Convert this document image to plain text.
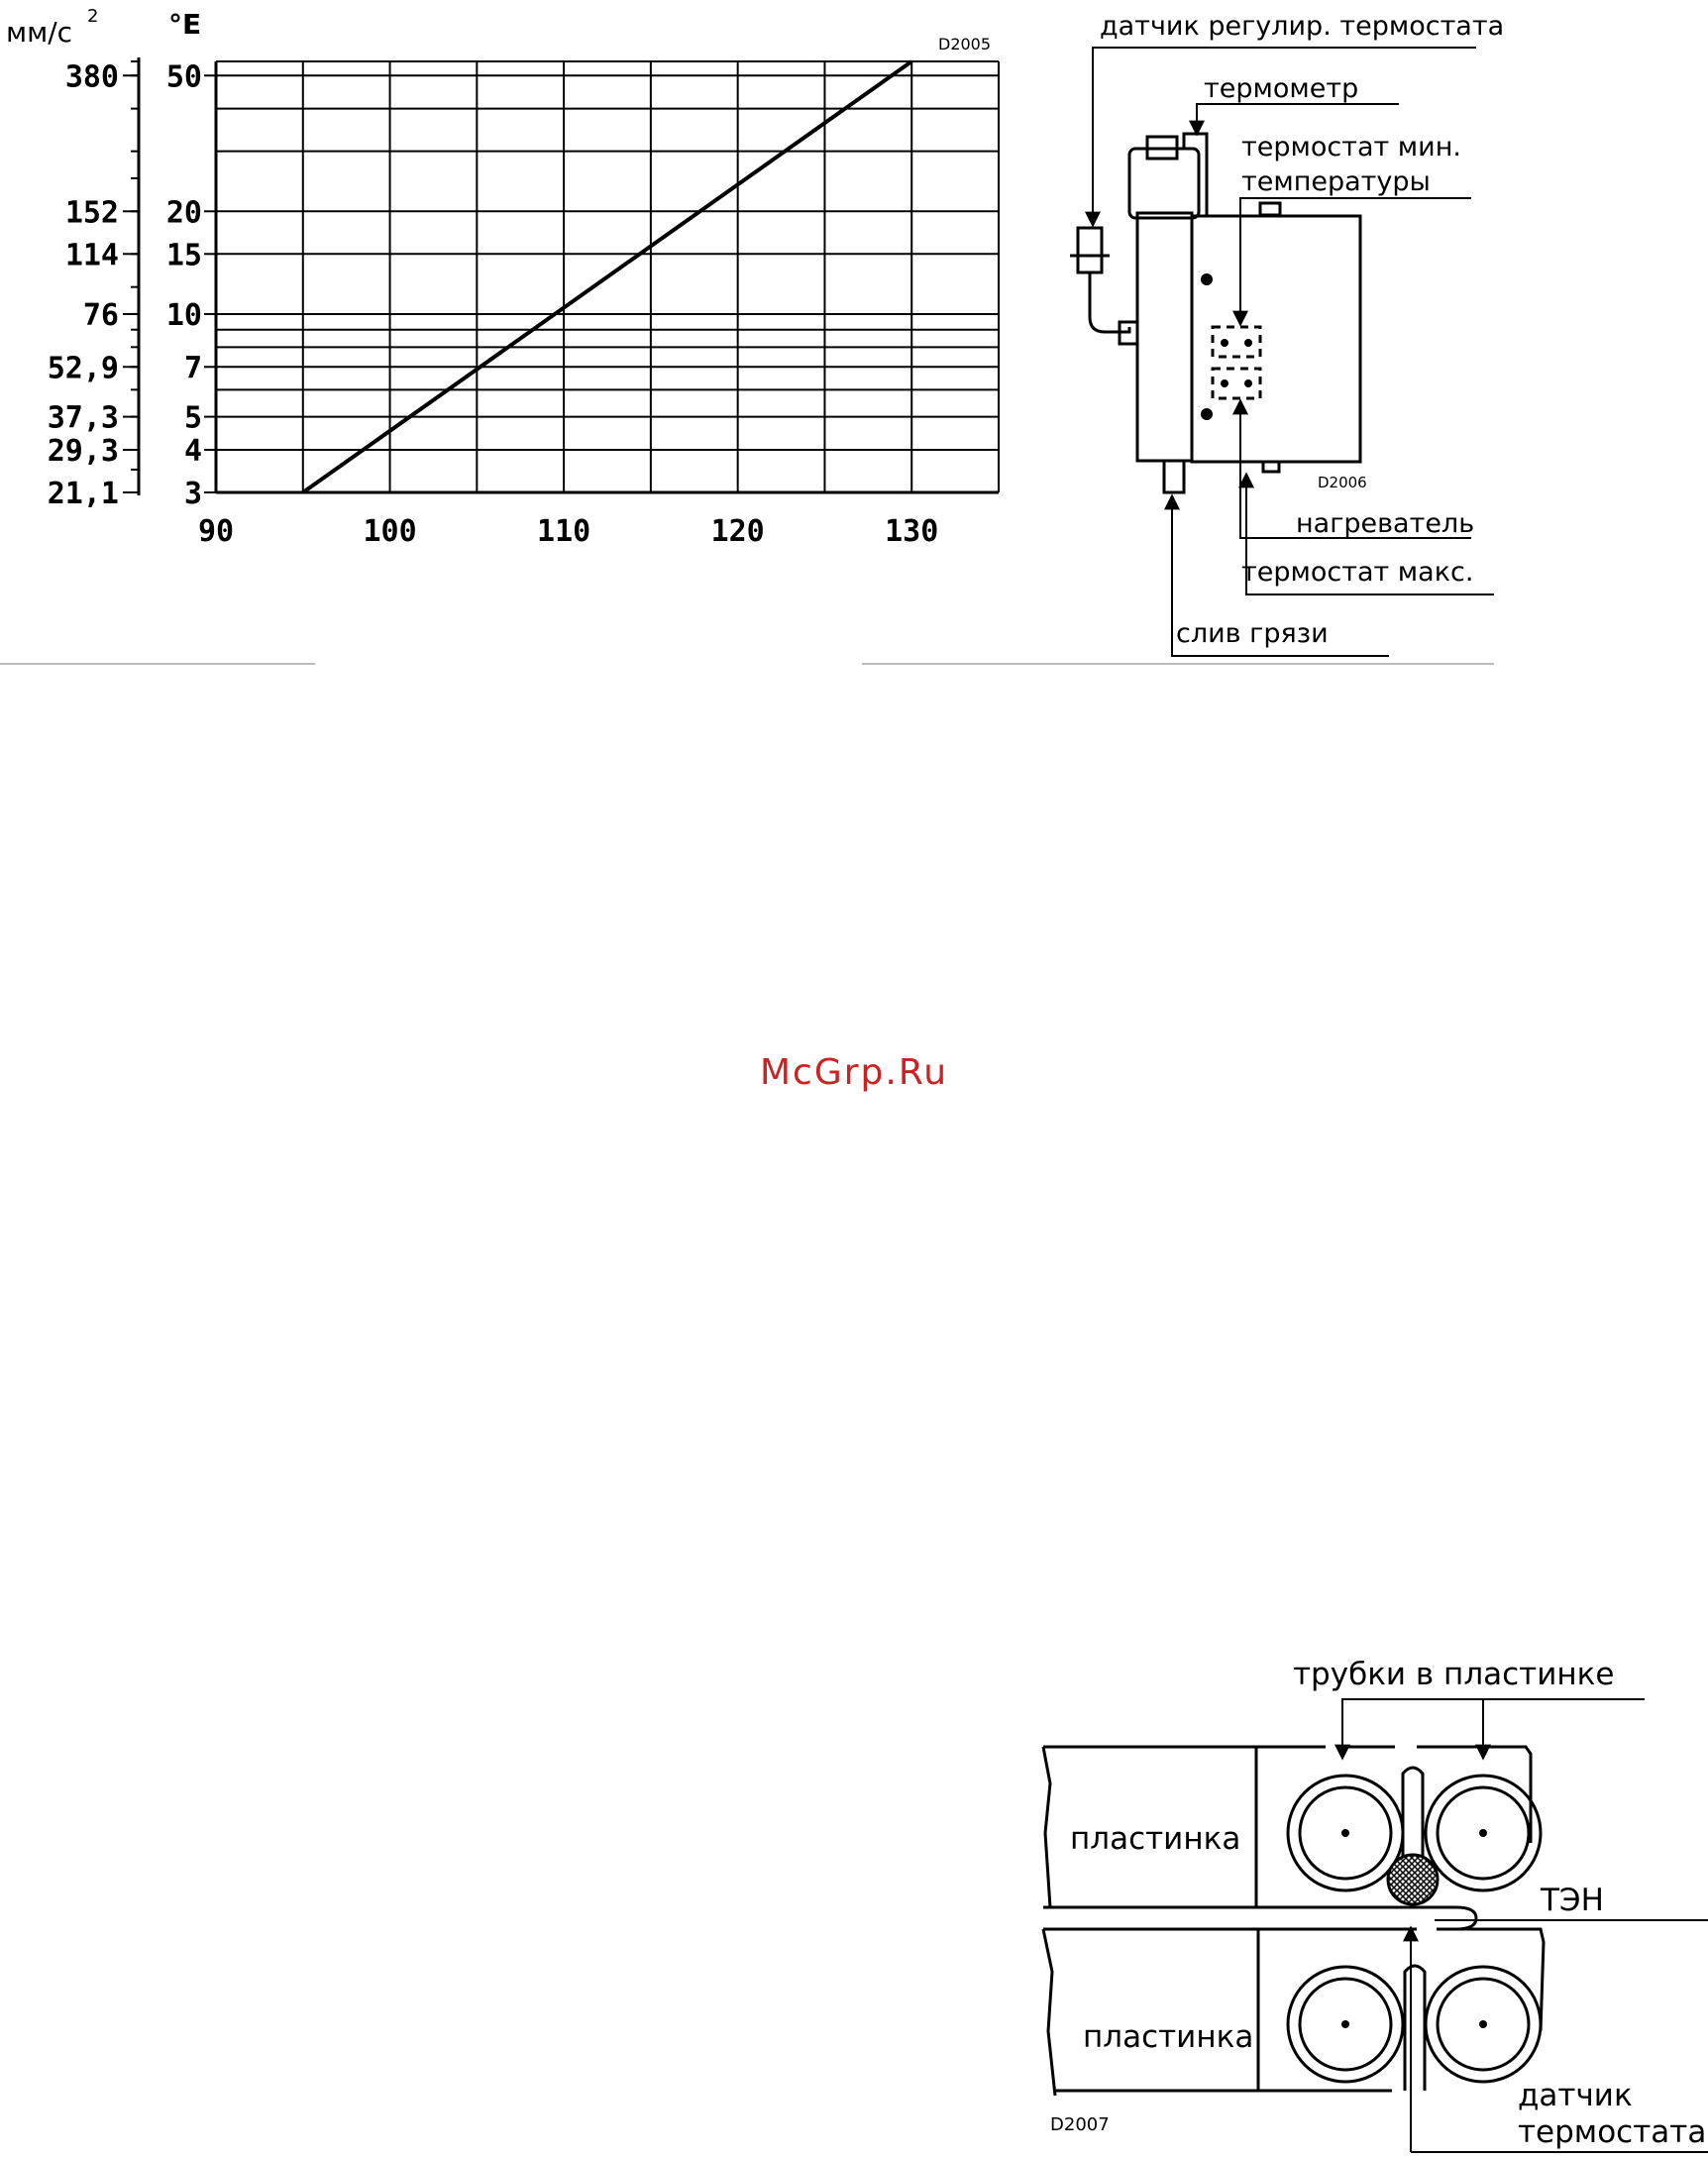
мм/с 2	°E
D2005
90	100	110	120	130
380
152
114
76
52,9
37,3
29,3
21,1
50
20
15
10
7
5
4
3
датчик регулир. термостата
термометр
термостат мин.
температуры
нагреватель
термостат макс.
слив грязи
D2006
McGrp.Ru
трубки в пластинке
пластинка
пластинка
ТЭН
датчик
термостата
D2007
